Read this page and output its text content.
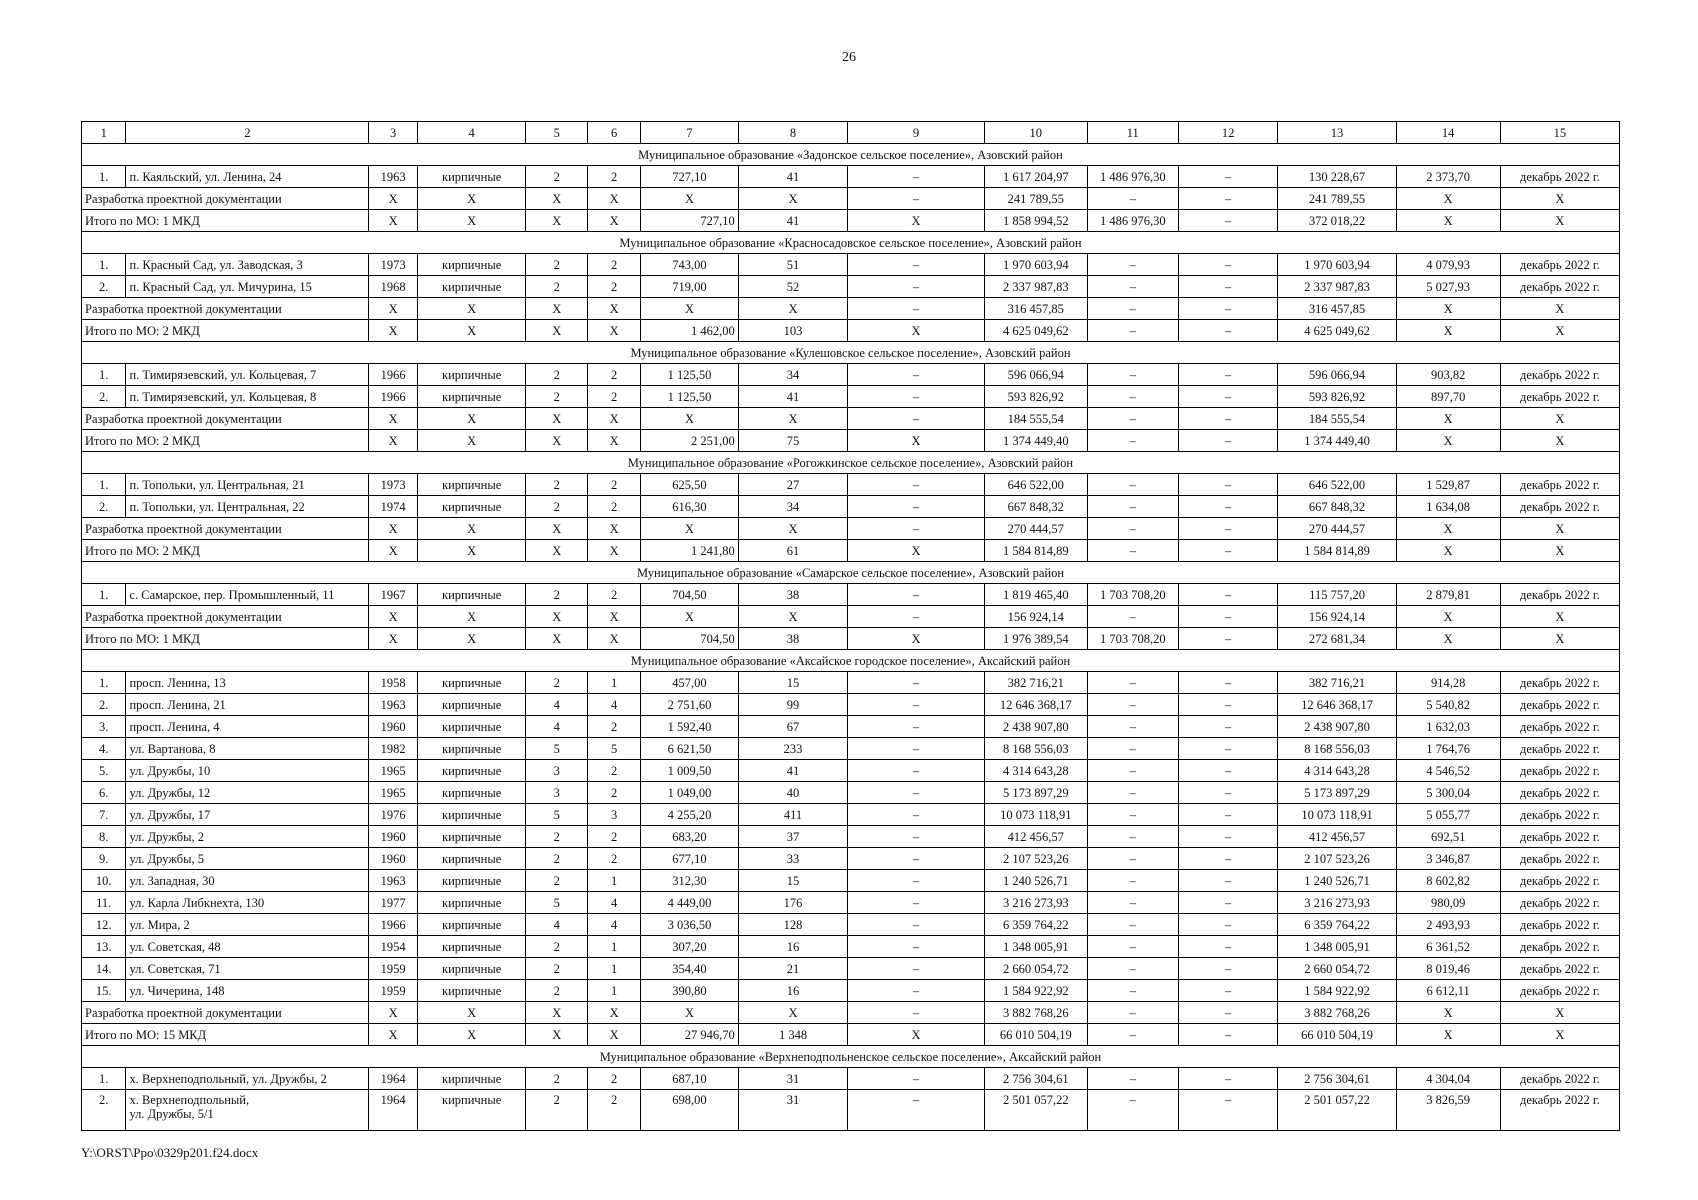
26
1	2	3	4	5	6	7	8	9	10	11	12	13	14	15
Муниципальное образование «Задонское сельское поселение», Азовский район														
1.	п. Каяльский, ул. Ленина, 24	1963	кирпичные	2	2	727,10	41	–	1 617 204,97	1 486 976,30	–	130 228,67	2 373,70	декабрь 2022 г.
Разработка проектной документации		X	X	X	X	X	X	–	241 789,55	–	–	241 789,55	X	X
Итого по МО: 1 МКД		X	X	X	X	727,10	41	X	1 858 994,52	1 486 976,30	–	372 018,22	X	X
Муниципальное образование «Красносадовское сельское поселение», Азовский район														
1.	п. Красный Сад, ул. Заводская, 3	1973	кирпичные	2	2	743,00	51	–	1 970 603,94	–	–	1 970 603,94	4 079,93	декабрь 2022 г.
2.	п. Красный Сад, ул. Мичурина, 15	1968	кирпичные	2	2	719,00	52	–	2 337 987,83	–	–	2 337 987,83	5 027,93	декабрь 2022 г.
Разработка проектной документации		X	X	X	X	X	X	–	316 457,85	–	–	316 457,85	X	X
Итого по МО: 2 МКД		X	X	X	X	1 462,00	103	X	4 625 049,62	–	–	4 625 049,62	X	X
Муниципальное образование «Кулешовское сельское поселение», Азовский район														
1.	п. Тимирязевский, ул. Кольцевая, 7	1966	кирпичные	2	2	1 125,50	34	–	596 066,94	–	–	596 066,94	903,82	декабрь 2022 г.
2.	п. Тимирязевский, ул. Кольцевая, 8	1966	кирпичные	2	2	1 125,50	41	–	593 826,92	–	–	593 826,92	897,70	декабрь 2022 г.
Разработка проектной документации		X	X	X	X	X	X	–	184 555,54	–	–	184 555,54	X	X
Итого по МО: 2 МКД		X	X	X	X	2 251,00	75	X	1 374 449,40	–	–	1 374 449,40	X	X
Муниципальное образование «Рогожкинское сельское поселение», Азовский район														
1.	п. Топольки, ул. Центральная, 21	1973	кирпичные	2	2	625,50	27	–	646 522,00	–	–	646 522,00	1 529,87	декабрь 2022 г.
2.	п. Топольки, ул. Центральная, 22	1974	кирпичные	2	2	616,30	34	–	667 848,32	–	–	667 848,32	1 634,08	декабрь 2022 г.
Разработка проектной документации		X	X	X	X	X	X	–	270 444,57	–	–	270 444,57	X	X
Итого по МО: 2 МКД		X	X	X	X	1 241,80	61	X	1 584 814,89	–	–	1 584 814,89	X	X
Муниципальное образование «Самарское сельское поселение», Азовский район														
1.	с. Самарское, пер. Промышленный, 11	1967	кирпичные	2	2	704,50	38	–	1 819 465,40	1 703 708,20	–	115 757,20	2 879,81	декабрь 2022 г.
Разработка проектной документации		X	X	X	X	X	X	–	156 924,14	–	–	156 924,14	X	X
Итого по МО: 1 МКД		X	X	X	X	704,50	38	X	1 976 389,54	1 703 708,20	–	272 681,34	X	X
Муниципальное образование «Аксайское городское поселение», Аксайский район														
1.	просп. Ленина, 13	1958	кирпичные	2	1	457,00	15	–	382 716,21	–	–	382 716,21	914,28	декабрь 2022 г.
2.	просп. Ленина, 21	1963	кирпичные	4	4	2 751,60	99	–	12 646 368,17	–	–	12 646 368,17	5 540,82	декабрь 2022 г.
3.	просп. Ленина, 4	1960	кирпичные	4	2	1 592,40	67	–	2 438 907,80	–	–	2 438 907,80	1 632,03	декабрь 2022 г.
4.	ул. Вартанова, 8	1982	кирпичные	5	5	6 621,50	233	–	8 168 556,03	–	–	8 168 556,03	1 764,76	декабрь 2022 г.
5.	ул. Дружбы, 10	1965	кирпичные	3	2	1 009,50	41	–	4 314 643,28	–	–	4 314 643,28	4 546,52	декабрь 2022 г.
6.	ул. Дружбы, 12	1965	кирпичные	3	2	1 049,00	40	–	5 173 897,29	–	–	5 173 897,29	5 300,04	декабрь 2022 г.
7.	ул. Дружбы, 17	1976	кирпичные	5	3	4 255,20	411	–	10 073 118,91	–	–	10 073 118,91	5 055,77	декабрь 2022 г.
8.	ул. Дружбы, 2	1960	кирпичные	2	2	683,20	37	–	412 456,57	–	–	412 456,57	692,51	декабрь 2022 г.
9.	ул. Дружбы, 5	1960	кирпичные	2	2	677,10	33	–	2 107 523,26	–	–	2 107 523,26	3 346,87	декабрь 2022 г.
10.	ул. Западная, 30	1963	кирпичные	2	1	312,30	15	–	1 240 526,71	–	–	1 240 526,71	8 602,82	декабрь 2022 г.
11.	ул. Карла Либкнехта, 130	1977	кирпичные	5	4	4 449,00	176	–	3 216 273,93	–	–	3 216 273,93	980,09	декабрь 2022 г.
12.	ул. Мира, 2	1966	кирпичные	4	4	3 036,50	128	–	6 359 764,22	–	–	6 359 764,22	2 493,93	декабрь 2022 г.
13.	ул. Советская, 48	1954	кирпичные	2	1	307,20	16	–	1 348 005,91	–	–	1 348 005,91	6 361,52	декабрь 2022 г.
14.	ул. Советская, 71	1959	кирпичные	2	1	354,40	21	–	2 660 054,72	–	–	2 660 054,72	8 019,46	декабрь 2022 г.
15.	ул. Чичерина, 148	1959	кирпичные	2	1	390,80	16	–	1 584 922,92	–	–	1 584 922,92	6 612,11	декабрь 2022 г.
Разработка проектной документации		X	X	X	X	X	X	–	3 882 768,26	–	–	3 882 768,26	X	X
Итого по МО: 15 МКД		X	X	X	X	27 946,70	1 348	X	66 010 504,19	–	–	66 010 504,19	X	X
Муниципальное образование «Верхнеподпольненское сельское поселение», Аксайский район														
1.	х. Верхнеподпольный, ул. Дружбы, 2	1964	кирпичные	2	2	687,10	31	–	2 756 304,61	–	–	2 756 304,61	4 304,04	декабрь 2022 г.
2.	х. Верхнеподпольный,
ул. Дружбы, 5/1	1964	кирпичные	2	2	698,00	31	–	2 501 057,22	–	–	2 501 057,22	3 826,59	декабрь 2022 г.
Y:\ORST\Ppo\0329p201.f24.docx
